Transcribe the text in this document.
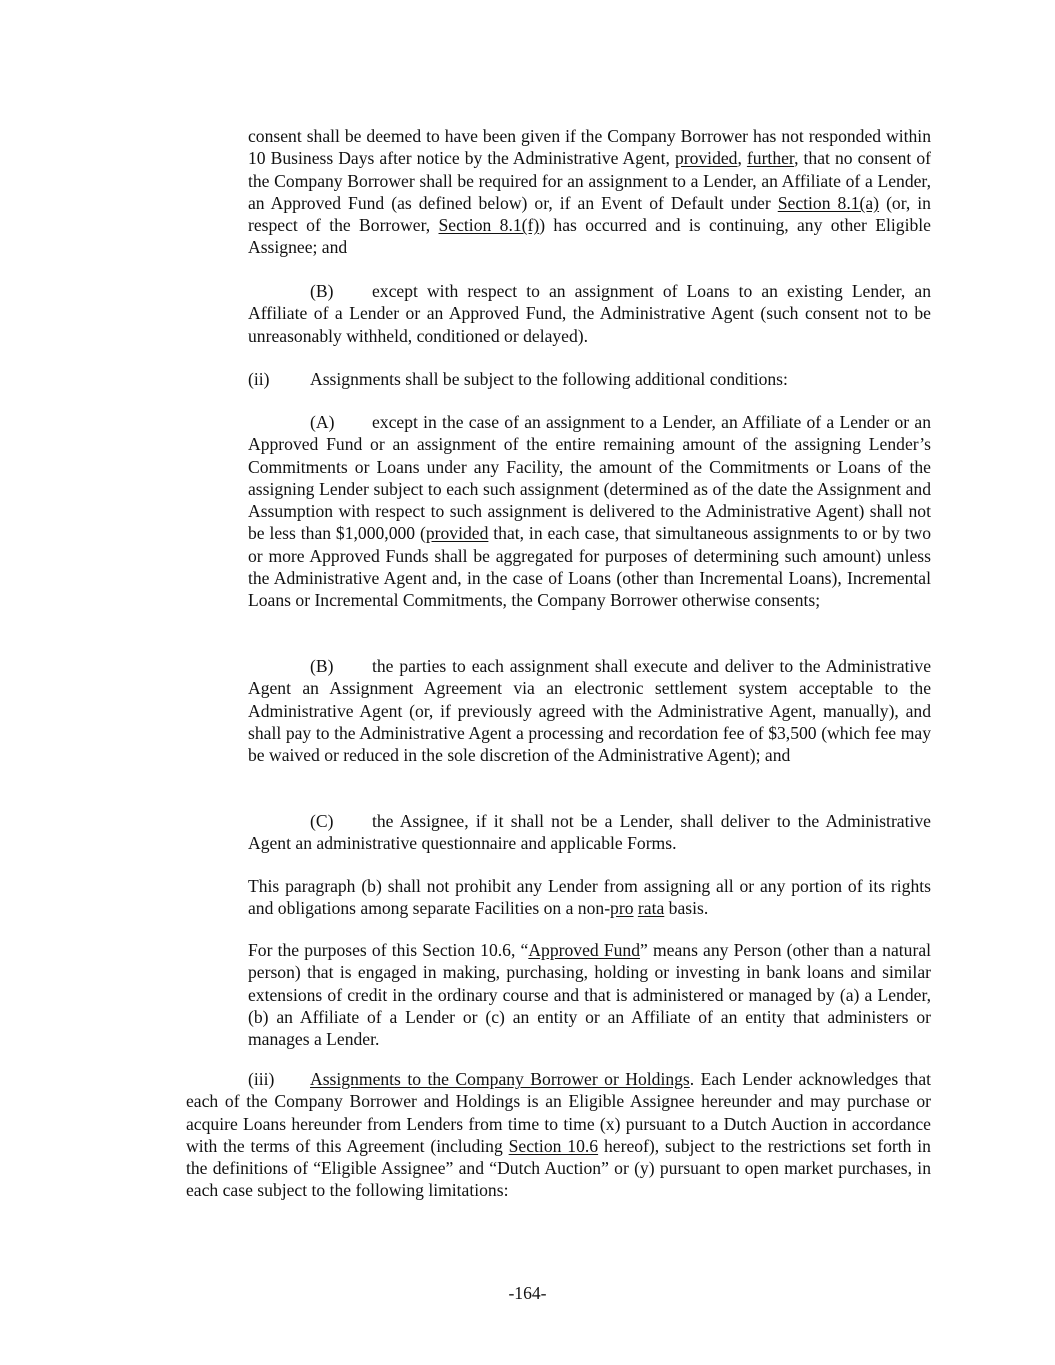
consent shall be deemed to have been given if the Company Borrower has not responded within 10 Business Days after notice by the Administrative Agent, provided, further, that no consent of the Company Borrower shall be required for an assignment to a Lender, an Affiliate of a Lender, an Approved Fund (as defined below) or, if an Event of Default under Section 8.1(a) (or, in respect of the Borrower, Section 8.1(f)) has occurred and is continuing, any other Eligible Assignee; and

(B) except with respect to an assignment of Loans to an existing Lender, an Affiliate of a Lender or an Approved Fund, the Administrative Agent (such consent not to be unreasonably withheld, conditioned or delayed).

(ii) Assignments shall be subject to the following additional conditions:

(A) except in the case of an assignment to a Lender, an Affiliate of a Lender or an Approved Fund or an assignment of the entire remaining amount of the assigning Lender’s Commitments or Loans under any Facility, the amount of the Commitments or Loans of the assigning Lender subject to each such assignment (determined as of the date the Assignment and Assumption with respect to such assignment is delivered to the Administrative Agent) shall not be less than $1,000,000 (provided that, in each case, that simultaneous assignments to or by two or more Approved Funds shall be aggregated for purposes of determining such amount) unless the Administrative Agent and, in the case of Loans (other than Incremental Loans), Incremental Loans or Incremental Commitments, the Company Borrower otherwise consents;

(B) the parties to each assignment shall execute and deliver to the Administrative Agent an Assignment Agreement via an electronic settlement system acceptable to the Administrative Agent (or, if previously agreed with the Administrative Agent, manually), and shall pay to the Administrative Agent a processing and recordation fee of $3,500 (which fee may be waived or reduced in the sole discretion of the Administrative Agent); and

(C) the Assignee, if it shall not be a Lender, shall deliver to the Administrative Agent an administrative questionnaire and applicable Forms.

This paragraph (b) shall not prohibit any Lender from assigning all or any portion of its rights and obligations among separate Facilities on a non-pro rata basis.

For the purposes of this Section 10.6, “Approved Fund” means any Person (other than a natural person) that is engaged in making, purchasing, holding or investing in bank loans and similar extensions of credit in the ordinary course and that is administered or managed by (a) a Lender, (b) an Affiliate of a Lender or (c) an entity or an Affiliate of an entity that administers or manages a Lender.

(iii) Assignments to the Company Borrower or Holdings. Each Lender acknowledges that each of the Company Borrower and Holdings is an Eligible Assignee hereunder and may purchase or acquire Loans hereunder from Lenders from time to time (x) pursuant to a Dutch Auction in accordance with the terms of this Agreement (including Section 10.6 hereof), subject to the restrictions set forth in the definitions of “Eligible Assignee” and “Dutch Auction” or (y) pursuant to open market purchases, in each case subject to the following limitations:

-164-
